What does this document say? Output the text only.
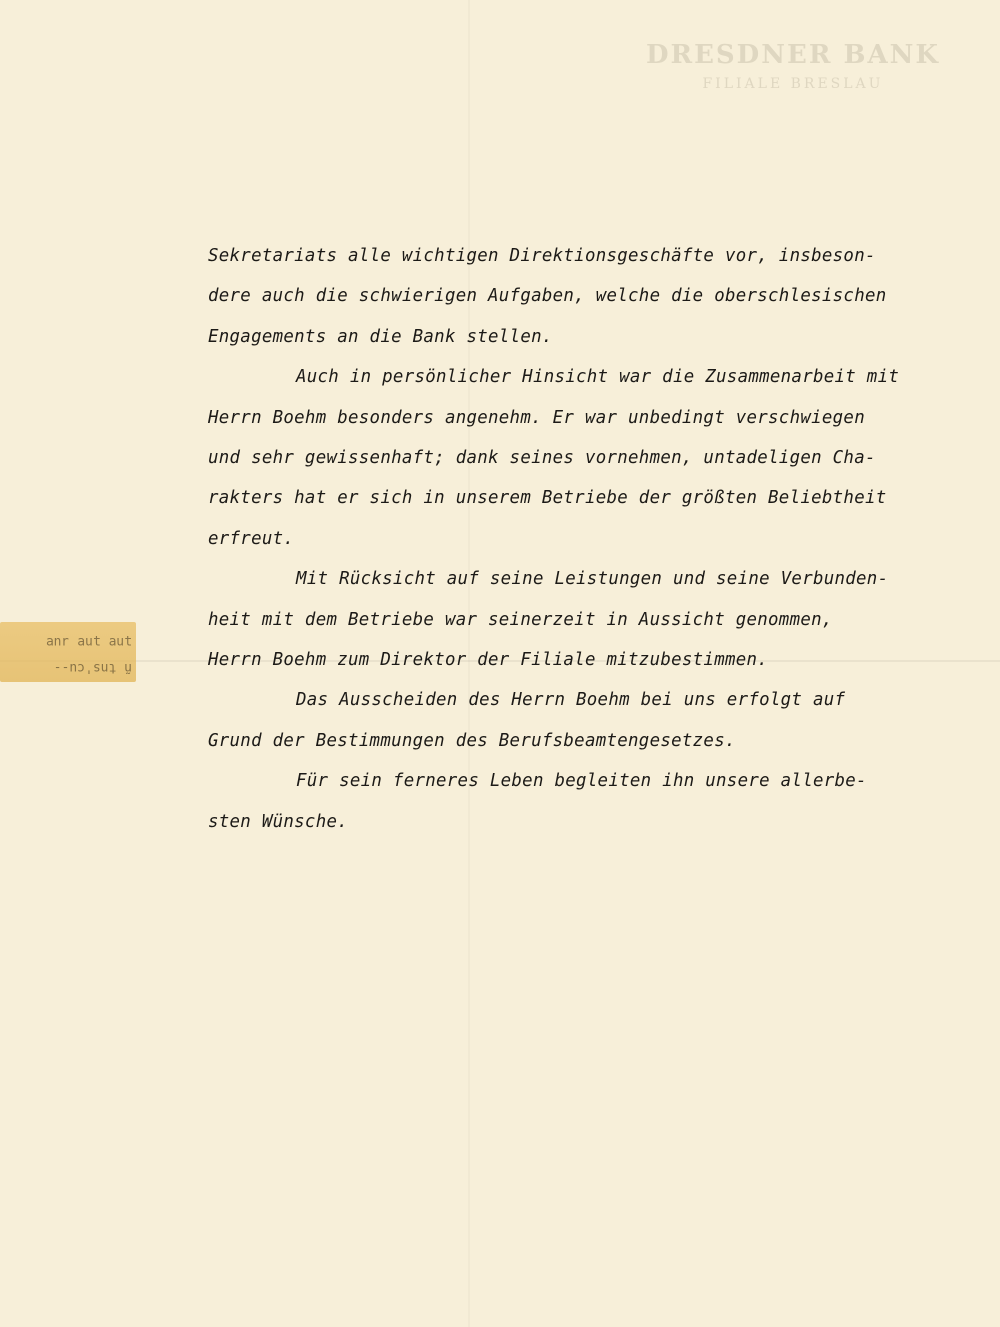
DRESDNER BANK
FILIALE BRESLAU
Sekretariats alle wichtigen Direktionsgeschäfte vor, insbeson-
dere auch die schwierigen Aufgaben, welche die oberschlesischen
Engagements an die Bank stellen.
Auch in persönlicher Hinsicht war die Zusammenarbeit mit
Herrn Boehm besonders angenehm. Er war unbedingt verschwiegen
und sehr gewissenhaft; dank seines vornehmen, untadeligen Cha-
rakters hat er sich in unserem Betriebe der größten Beliebtheit
erfreut.
Mit Rücksicht auf seine Leistungen und seine Verbunden-
heit mit dem Betriebe war seinerzeit in Aussicht genommen,
Herrn Boehm zum Direktor der Filiale mitzubestimmen.
Das Ausscheiden des Herrn Boehm bei uns erfolgt auf
Grund der Bestimmungen des Berufsbeamtengesetzes.
Für sein ferneres Leben begleiten ihn unsere allerbe-
sten Wünsche.
ñ tns'cu--
ʇnɐ ʇnɐ ɹuɐ
